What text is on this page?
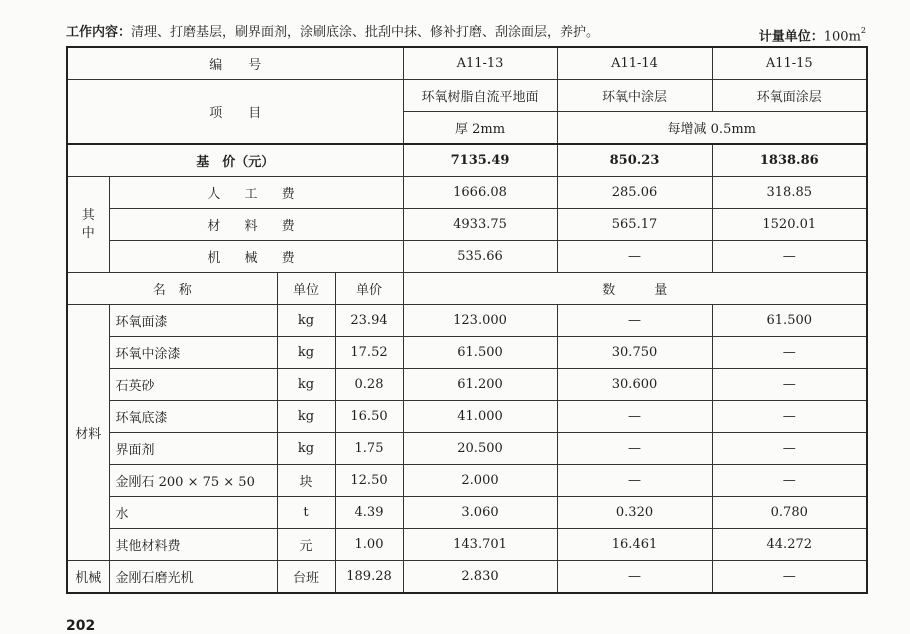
工作内容：清理、打磨基层，刷界面剂，涂刷底涂、批刮中抹、修补打磨、刮涂面层，养护。	计量单位：$100m^2$
编　　号				A11-13	A11-14	A11-15
项　　目				环氧树脂自流平地面	环氧中涂层	环氧面涂层
				厚 2mm	每增减 0.5mm	
基　价（元）				7135.49	850.23	1838.86
其中	人 工 费			1666.08	285.06	318.85
	材 料 费			4933.75	565.17	1520.01
	机 械 费			535.66	—	—
名　称		单位	单价	数　　　量		
材料	环氧面漆	kg	23.94	123.000	—	61.500
	环氧中涂漆	kg	17.52	61.500	30.750	—
	石英砂	kg	0.28	61.200	30.600	—
	环氧底漆	kg	16.50	41.000	—	—
	界面剂	kg	1.75	20.500	—	—
	金刚石 200 × 75 × 50	块	12.50	2.000	—	—
	水	t	4.39	3.060	0.320	0.780
	其他材料费	元	1.00	143.701	16.461	44.272
机械	金刚石磨光机	台班	189.28	2.830	—	—
202
